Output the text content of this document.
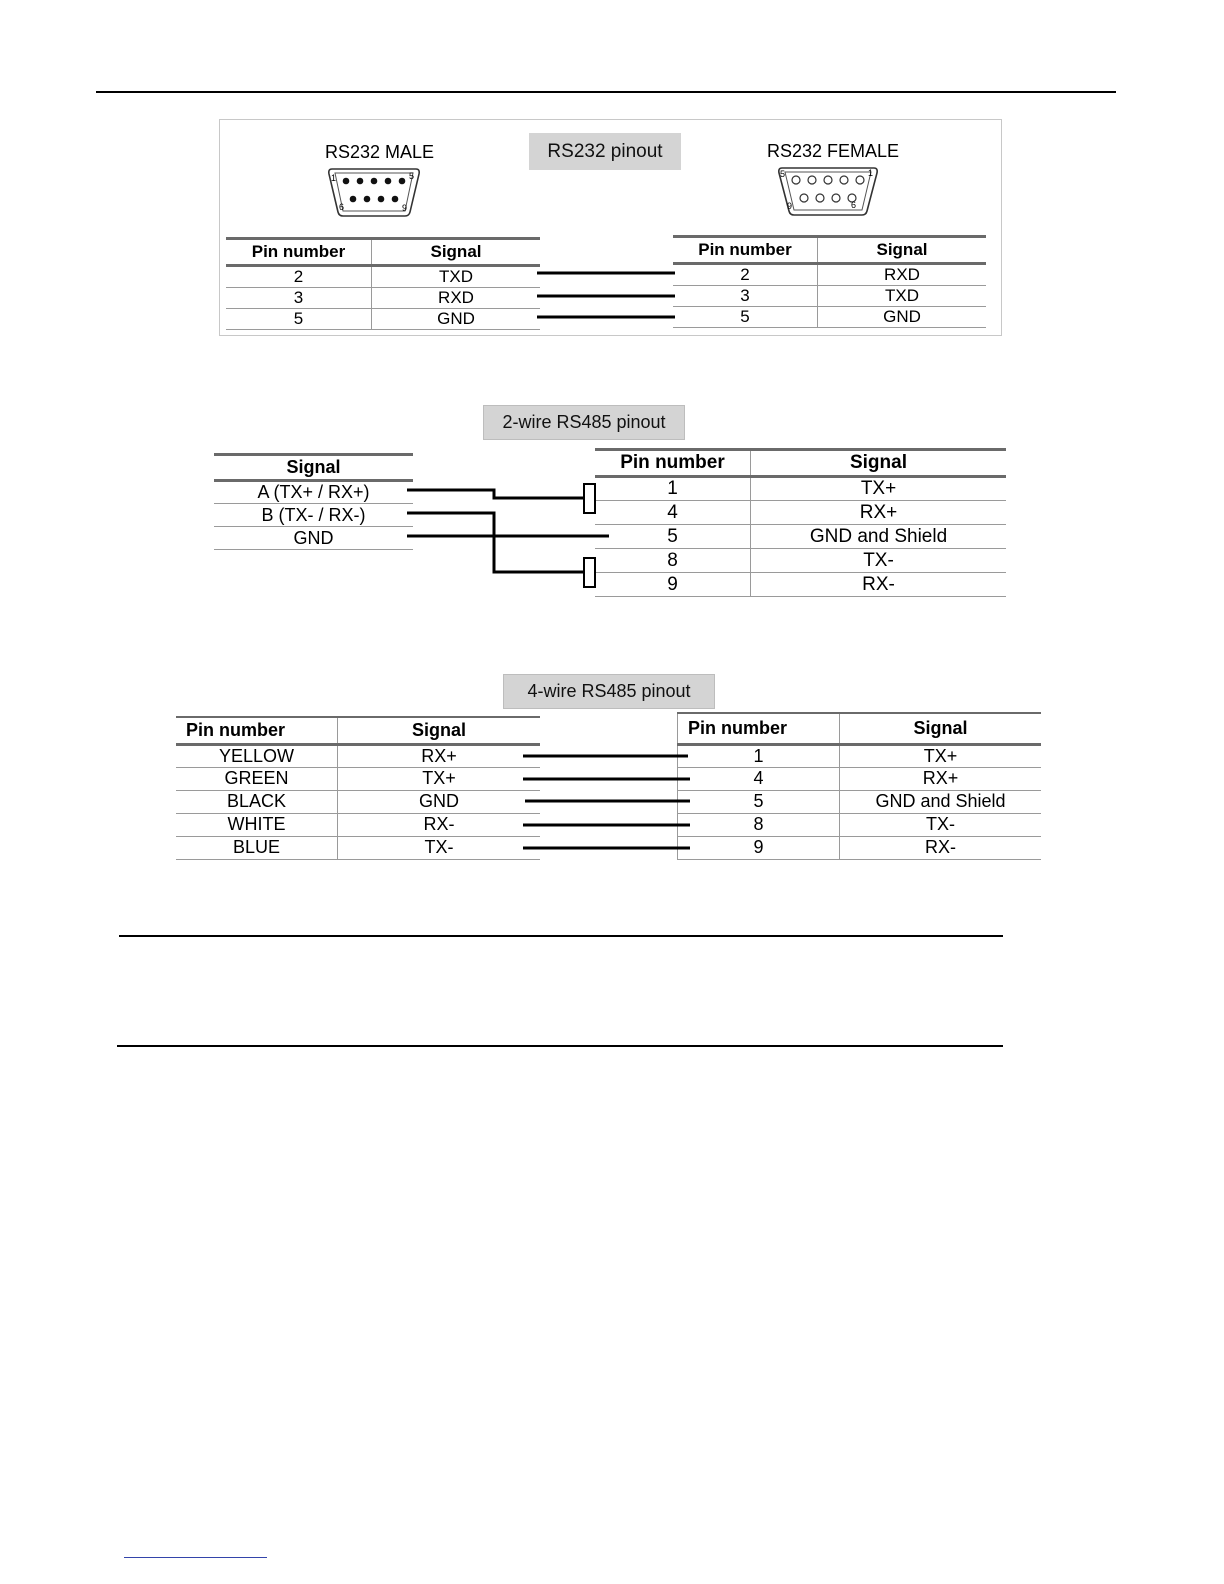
RS232 pinout
RS232 MALE	RS232 FEMALE
1	5
6	9
5	1
9	6
Pin number	Signal
2	TXD
3	RXD
5	GND
Pin number	Signal
2	RXD
3	TXD
5	GND
2-wire RS485 pinout
Signal
A (TX+ / RX+)
B (TX- / RX-)
GND
Pin number	Signal
1	TX+
4	RX+
5	GND and Shield
8	TX-
9	RX-
4-wire RS485 pinout
Pin number	Signal
YELLOW	RX+
GREEN	TX+
BLACK	GND
WHITE	RX-
BLUE	TX-
Pin number	Signal
1	TX+
4	RX+
5	GND and Shield
8	TX-
9	RX-
